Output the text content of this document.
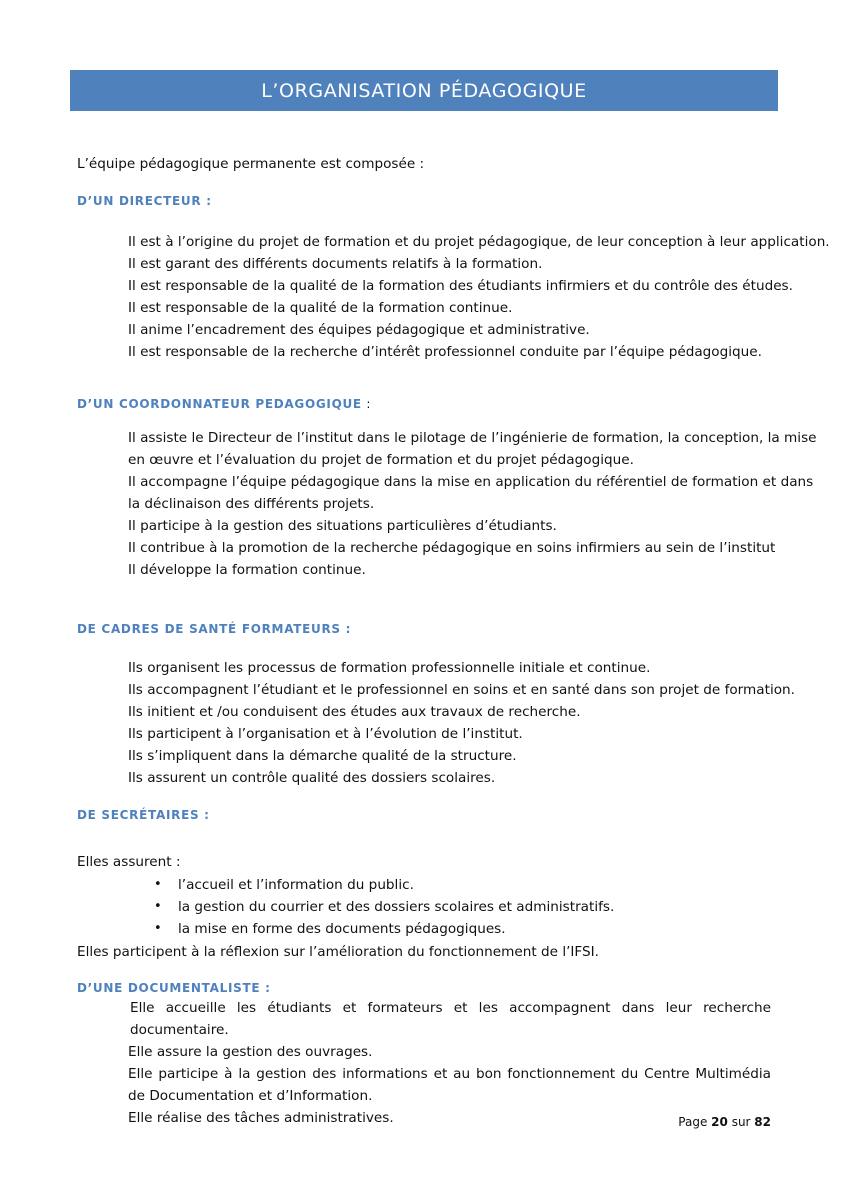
L’ORGANISATION PÉDAGOGIQUE
L’équipe pédagogique permanente est composée :
D’UN DIRECTEUR :
Il est à l’origine du projet de formation et du projet pédagogique, de leur conception à leur application.
Il est garant des différents documents relatifs à la formation.
Il est responsable de la qualité de la formation des étudiants infirmiers et du contrôle des études.
Il est responsable de la qualité de la formation continue.
Il anime l’encadrement des équipes pédagogique et administrative.
Il est responsable de la recherche d’intérêt professionnel conduite par l’équipe pédagogique.
D’UN COORDONNATEUR PEDAGOGIQUE :
Il assiste le Directeur de l’institut dans le pilotage de l’ingénierie de formation, la conception, la mise
en œuvre et l’évaluation du projet de formation et du projet pédagogique.
Il accompagne l’équipe pédagogique dans la mise en application du référentiel de formation et dans
la déclinaison des différents projets.
Il participe à la gestion des situations particulières d’étudiants.
Il contribue à la promotion de la recherche pédagogique en soins infirmiers au sein de l’institut
Il développe la formation continue.
DE CADRES DE SANTÉ FORMATEURS :
Ils organisent les processus de formation professionnelle initiale et continue.
Ils accompagnent l’étudiant et le professionnel en soins et en santé dans son projet de formation.
Ils initient et /ou conduisent des études aux travaux de recherche.
Ils participent à l’organisation et à l’évolution de l’institut.
Ils s’impliquent dans la démarche qualité de la structure.
Ils assurent un contrôle qualité des dossiers scolaires.
DE SECRÉTAIRES :
Elles assurent :
• l’accueil et l’information du public.
• la gestion du courrier et des dossiers scolaires et administratifs.
• la mise en forme des documents pédagogiques.
Elles participent à la réflexion sur l’amélioration du fonctionnement de l’IFSI.
D’UNE DOCUMENTALISTE :
Elle accueille les étudiants et formateurs et les accompagnent dans leur recherche documentaire.
Elle assure la gestion des ouvrages.
Elle participe à la gestion des informations et au bon fonctionnement du Centre Multimédia de Documentation et d’Information.
Elle réalise des tâches administratives.	Page 20 sur 82
